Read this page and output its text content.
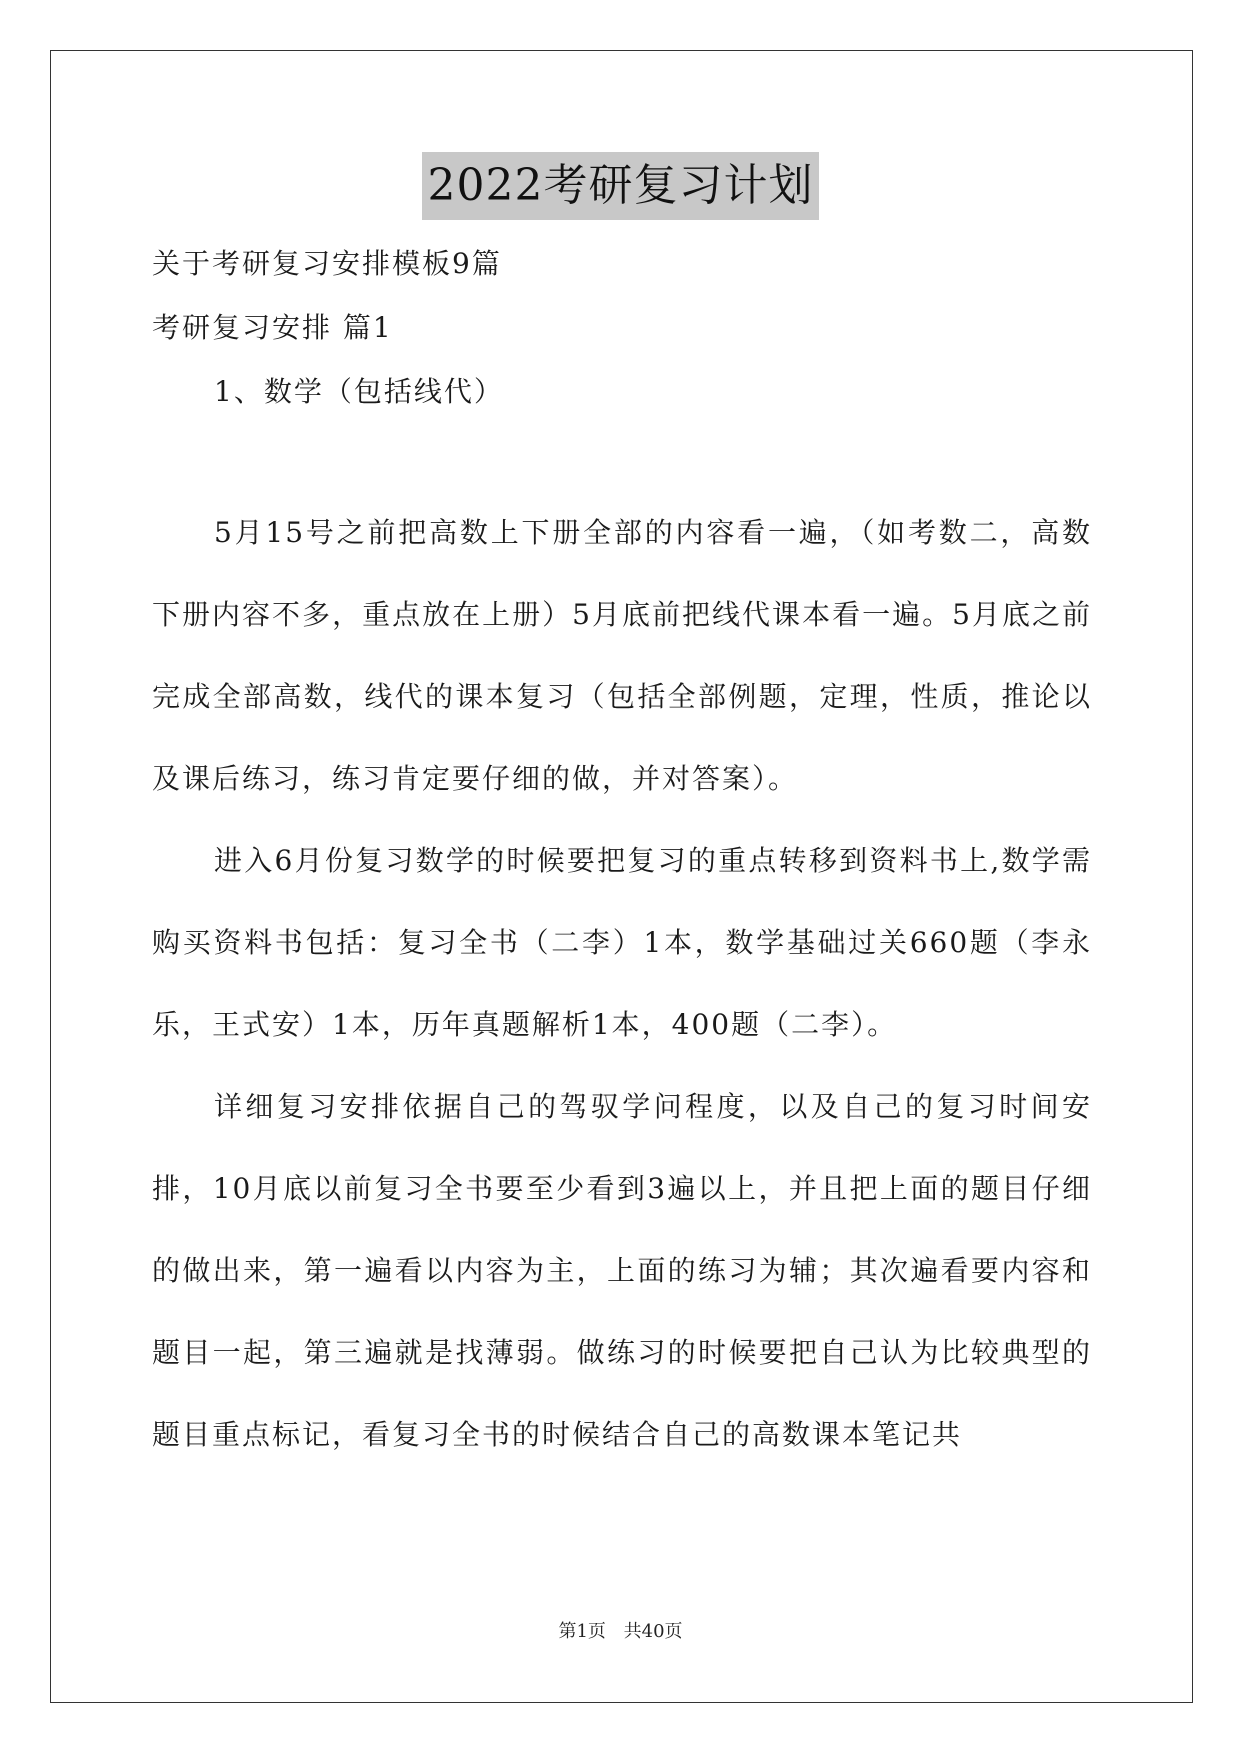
2022考研复习计划
关于考研复习安排模板9篇
考研复习安排 篇1
1、数学（包括线代）

5月15号之前把高数上下册全部的内容看一遍，（如考数二，高数下册内容不多，重点放在上册）5月底前把线代课本看一遍。5月底之前完成全部高数，线代的课本复习（包括全部例题，定理，性质，推论以及课后练习，练习肯定要仔细的做，并对答案）。

进入6月份复习数学的时候要把复习的重点转移到资料书上,数学需购买资料书包括：复习全书（二李）1本，数学基础过关660题（李永乐，王式安）1本，历年真题解析1本，400题（二李）。

详细复习安排依据自己的驾驭学问程度，以及自己的复习时间安排，10月底以前复习全书要至少看到3遍以上，并且把上面的题目仔细的做出来，第一遍看以内容为主，上面的练习为辅；其次遍看要内容和题目一起，第三遍就是找薄弱。做练习的时候要把自己认为比较典型的题目重点标记，看复习全书的时候结合自己的高数课本笔记共

第1页 共40页
